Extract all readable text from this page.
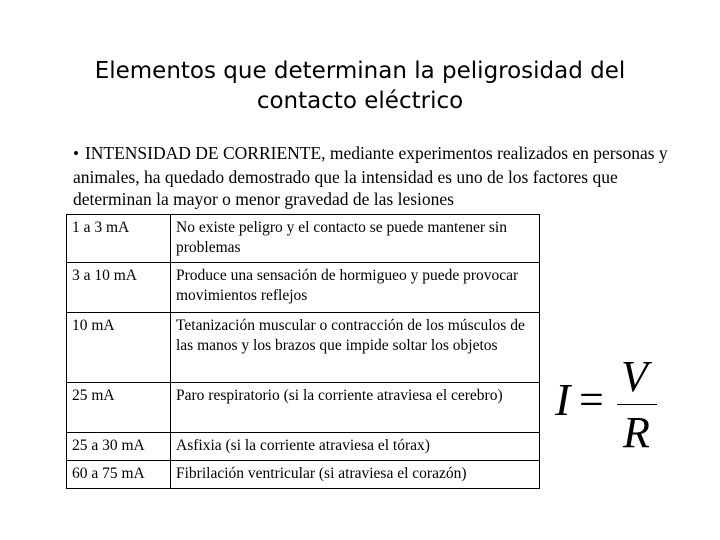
Elementos que determinan la peligrosidad del
contacto eléctrico

• INTENSIDAD DE CORRIENTE, mediante experimentos realizados en personas y animales, ha quedado demostrado que la intensidad es uno de los factores que determinan la mayor o menor gravedad de las lesiones

1 a 3 mA	No existe peligro y el contacto se puede mantener sin problemas
3 a 10 mA	Produce una sensación de hormigueo y puede provocar movimientos reflejos
10 mA	Tetanización muscular o contracción de los músculos de las manos y los brazos que impide soltar los objetos
25 mA	Paro respiratorio (si la corriente atraviesa el cerebro)
25 a 30 mA	Asfixia (si la corriente atraviesa el tórax)
60 a 75 mA	Fibrilación ventricular (si atraviesa el corazón)
I = V
R
